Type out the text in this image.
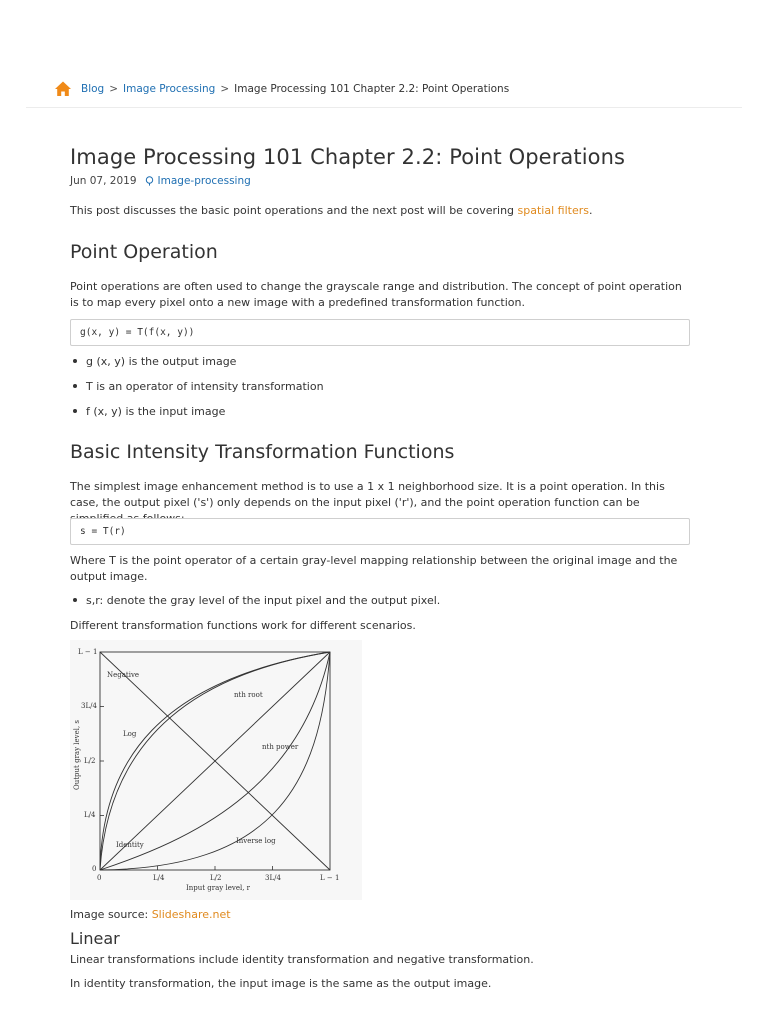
Blog > Image Processing > Image Processing 101 Chapter 2.2: Point Operations
Image Processing 101 Chapter 2.2: Point Operations
Jun 07, 2019 Image-processing

This post discusses the basic point operations and the next post will be covering spatial filters.

Point Operation

Point operations are often used to change the grayscale range and distribution. The concept of point operation is to map every pixel onto a new image with a predefined transformation function.

g(x, y) = T(f(x, y))
g (x, y) is the output image
T is an operator of intensity transformation
f (x, y) is the input image
Basic Intensity Transformation Functions

The simplest image enhancement method is to use a 1 x 1 neighborhood size. It is a point operation. In this case, the output pixel ('s') only depends on the input pixel ('r'), and the point operation function can be

s = T(r)

Where T is the point operator of a certain gray-level mapping relationship between the original image and the output image.

s,r: denote the gray level of the input pixel and the output pixel.

Different transformation functions work for different scenarios.

L − 1
3L/4
L/2
L/4
0
0	L/4	L/2	3L/4	L − 1
Input gray level, r
Output gray level, s
Negative
nth root
Log
nth power
Identity	Inverse log

Image source: Slideshare.net

Linear

Linear transformations include identity transformation and negative transformation.

In identity transformation, the input image is the same as the output image.
